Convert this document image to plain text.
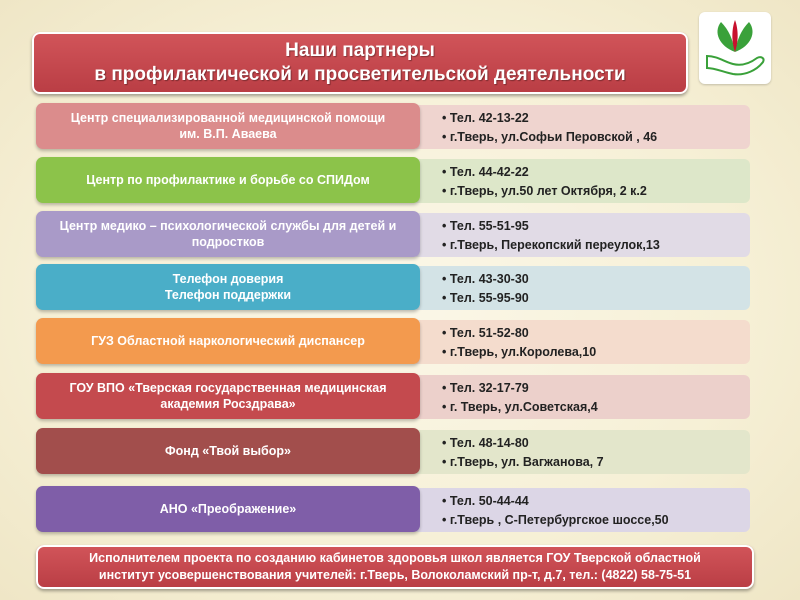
Наши партнеры
в профилактической и просветительской деятельности
Центр специализированной медицинской помощи
им. В.П. Аваева
• Тел. 42-13-22
• г.Тверь, ул.Софьи Перовской , 46
Центр по профилактике и борьбе со СПИДом
• Тел. 44-42-22
• г.Тверь, ул.50 лет Октября, 2 к.2
Центр медико – психологической службы для детей и
подростков
• Тел. 55-51-95
• г.Тверь, Перекопский переулок,13
Телефон доверия
Телефон поддержки
• Тел. 43-30-30
• Тел. 55-95-90
ГУЗ Областной наркологический диспансер
• Тел. 51-52-80
• г.Тверь, ул.Королева,10
ГОУ ВПО «Тверская государственная медицинская
академия Росздрава»
• Тел. 32-17-79
• г. Тверь, ул.Советская,4
Фонд «Твой выбор»
• Тел. 48-14-80
• г.Тверь, ул. Вагжанова, 7
АНО «Преображение»
• Тел. 50-44-44
• г.Тверь , С-Петербургское шоссе,50
Исполнителем проекта по созданию кабинетов здоровья школ является ГОУ Тверской областной
институт усовершенствования учителей: г.Тверь, Волоколамский пр-т, д.7, тел.: (4822) 58-75-51
